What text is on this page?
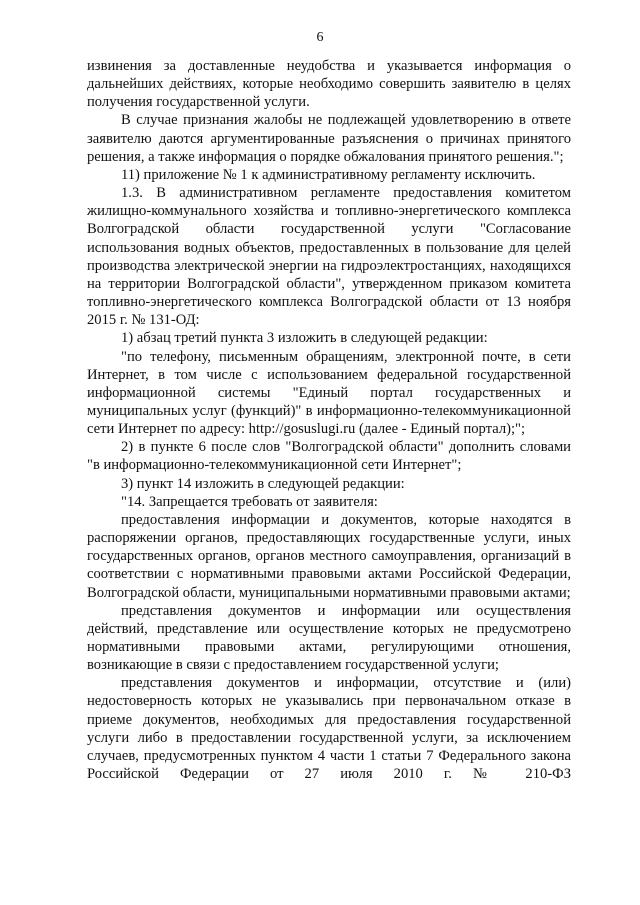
6

извинения за доставленные неудобства и указывается информация о дальнейших действиях, которые необходимо совершить заявителю в целях получения государственной услуги.

В случае признания жалобы не подлежащей удовлетворению в ответе заявителю даются аргументированные разъяснения о причинах принятого решения, а также информация о порядке обжалования принятого решения.";

11) приложение № 1 к административному регламенту исключить.

1.3. В административном регламенте предоставления комитетом жилищно-коммунального хозяйства и топливно-энергетического комплекса Волгоградской области государственной услуги "Согласование использования водных объектов, предоставленных в пользование для целей производства электрической энергии на гидроэлектростанциях, находящихся на территории Волгоградской области", утвержденном приказом комитета топливно-энергетического комплекса Волгоградской области от 13 ноября 2015 г. № 131-ОД:

1) абзац третий пункта 3 изложить в следующей редакции:

"по телефону, письменным обращениям, электронной почте, в сети Интернет, в том числе с использованием федеральной государственной информационной системы "Единый портал государственных и муниципальных услуг (функций)" в информационно-телекоммуникационной сети Интернет по адресу: http://gosuslugi.ru (далее - Единый портал);";

2) в пункте 6 после слов "Волгоградской области" дополнить словами "в информационно-телекоммуникационной сети Интернет";

3) пункт 14 изложить в следующей редакции:

"14. Запрещается требовать от заявителя:

предоставления информации и документов, которые находятся в распоряжении органов, предоставляющих государственные услуги, иных государственных органов, органов местного самоуправления, организаций в соответствии с нормативными правовыми актами Российской Федерации, Волгоградской области, муниципальными нормативными правовыми актами;

представления документов и информации или осуществления действий, представление или осуществление которых не предусмотрено нормативными правовыми актами, регулирующими отношения, возникающие в связи с предоставлением государственной услуги;

представления документов и информации, отсутствие и (или) недостоверность которых не указывались при первоначальном отказе в приеме документов, необходимых для предоставления государственной услуги либо в предоставлении государственной услуги, за исключением случаев, предусмотренных пунктом 4 части 1 статьи 7 Федерального закона Российской Федерации от 27 июля 2010 г. № 210-ФЗ
